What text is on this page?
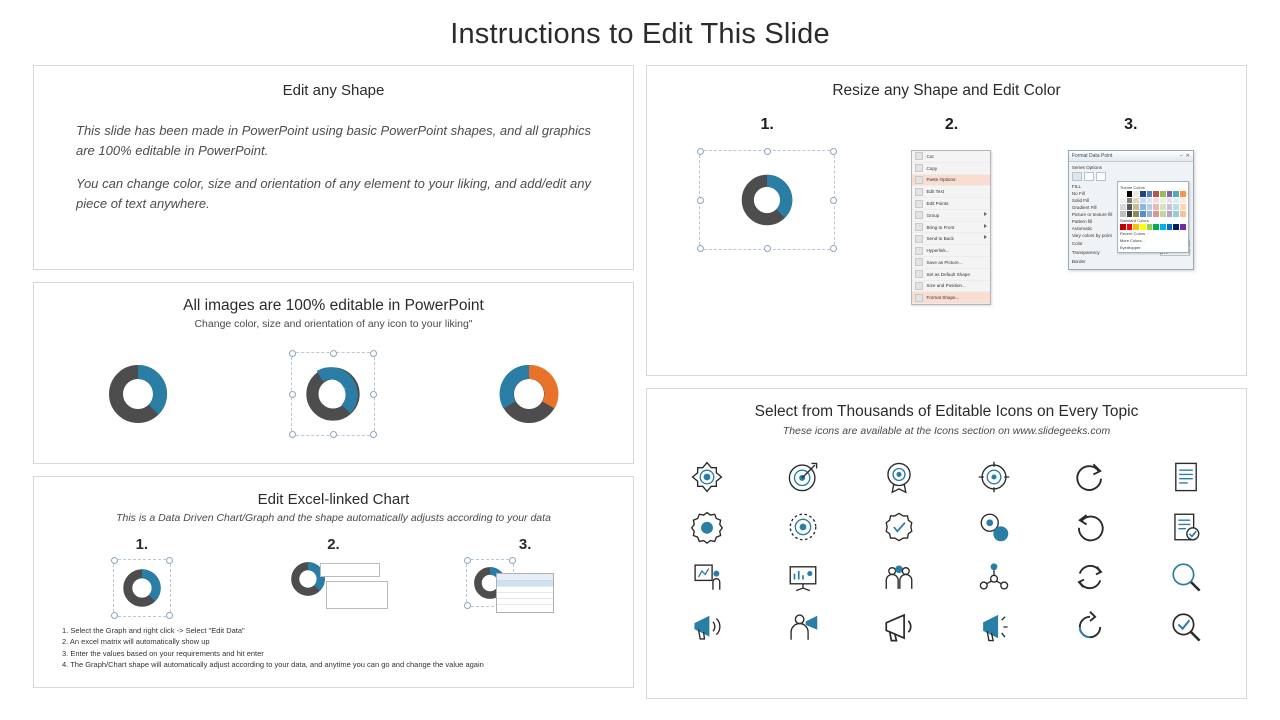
Instructions to Edit This Slide
Edit any Shape

This slide has been made in PowerPoint using basic PowerPoint shapes, and all graphics are 100% editable in PowerPoint.

You can change color, size and orientation of any element to your liking, and add/edit any piece of text anywhere.

All images are 100% editable in PowerPoint
Change color, size and orientation of any icon to your liking"
Edit Excel-linked Chart
This is a Data Driven Chart/Graph and the shape automatically adjusts according to your data
1.	2.	3.
1. Select the Graph and right click -> Select "Edit Data"
2. An excel matrix will automatically show up
3. Enter the values based on your requirements and hit enter
4. The Graph/Chart shape will automatically adjust according to your data, and anytime you can go and change the value again
Resize any Shape and Edit Color
1.	2.
Cut
Copy
Paste Options:
Edit Text
Edit Points
Group
Bring to Front
Send to Back
Hyperlink...
Save as Picture...
Set as Default Shape
Size and Position...
Format Shape...
3.
Format Data Point	– ✕
Series Options
FILL
No Fill
Solid Fill
Gradient Fill
Picture or texture fill
Pattern fill
Automatic
Vary colors by point
Color
Transparency
Border
Theme Colors
Standard Colors
Recent Colors
More Colors...
Eyedropper
Select from Thousands of Editable Icons on Every Topic
These icons are available at the Icons section on www.slidegeeks.com
